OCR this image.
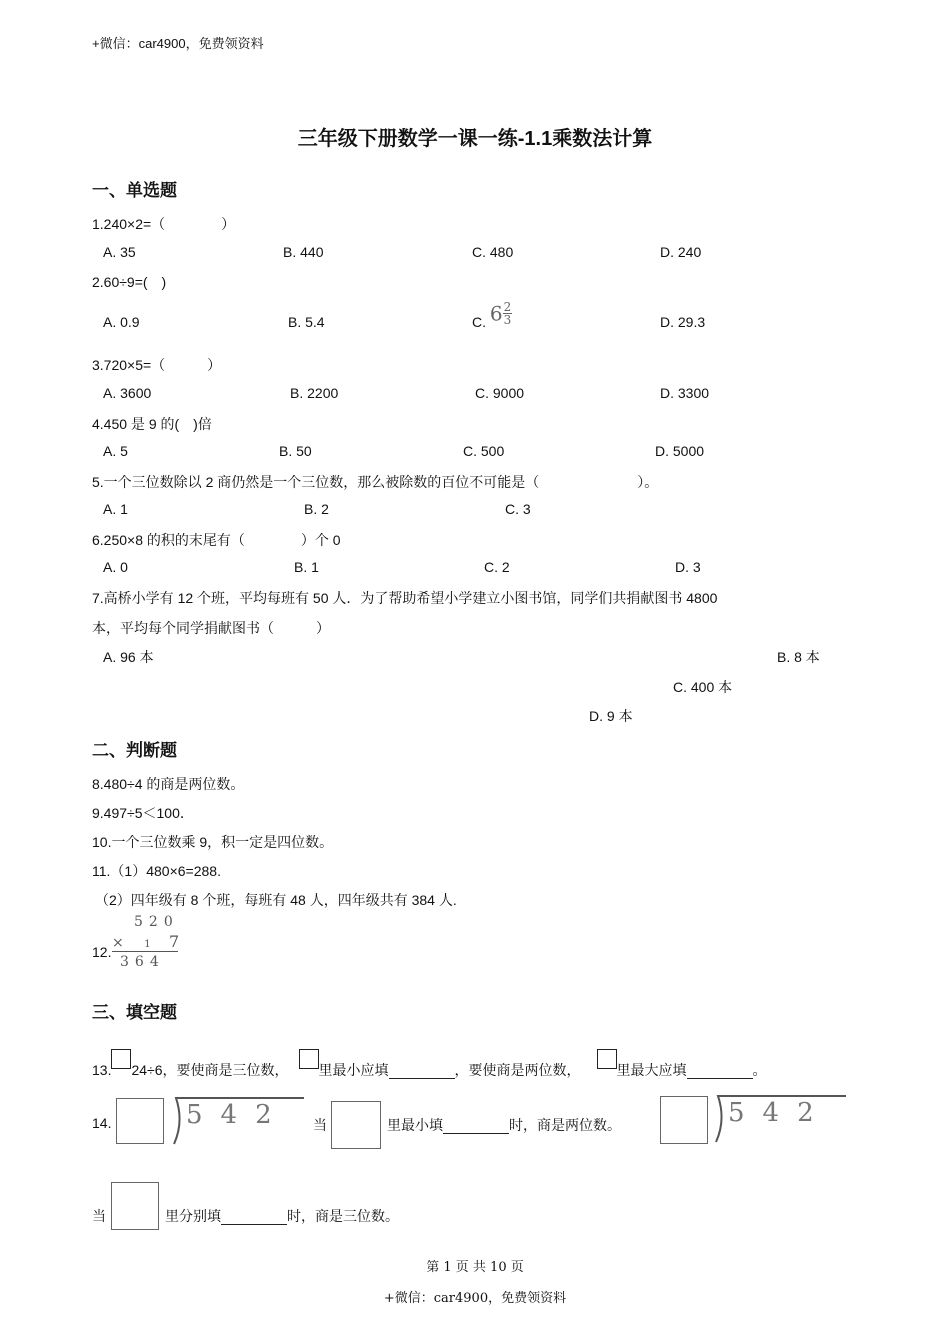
+微信：car4900，免费领资料
三年级下册数学一课一练-1.1乘数法计算
一、单选题
1.240×2=（　　　　）
A. 35	B. 440	C. 480	D. 240
2.60÷9=(　)
A. 0.9	B. 5.4	C. $6 \frac{2}{3}$	D. 29.3
3.720×5=（　　　）
A. 3600	B. 2200	C. 9000	D. 3300
4.450 是 9 的(　)倍
A. 5	B. 50	C. 500	D. 5000
5.一个三位数除以 2 商仍然是一个三位数，那么被除数的百位不可能是（　　　　　　　）。
A. 1	B. 2	C. 3
6.250×8 的积的末尾有（　　　　）个 0
A. 0	B. 1	C. 2	D. 3
7.高桥小学有 12 个班，平均每班有 50 人．为了帮助希望小学建立小图书馆，同学们共捐献图书 4800
本，平均每个同学捐献图书（　　　）
A. 96 本	B. 8 本
C. 400 本
D. 9 本
二、判断题
8.480÷4 的商是两位数。
9.497÷5＜100．
10.一个三位数乘 9，积一定是四位数。
11.（1）480×6=288.
（2）四年级有 8 个班，每班有 48 人，四年级共有 384 人.
12.
520
× 1 7
364
三、填空题
13. 24÷6，要使商是三位数， 里最小应填	，要使商是两位数，	里最大应填	。
14.	542 当	里最小填	时，商是两位数。	542
当	里分别填	时，商是三位数。
第 1 页 共 10 页
+微信：car4900，免费领资料
